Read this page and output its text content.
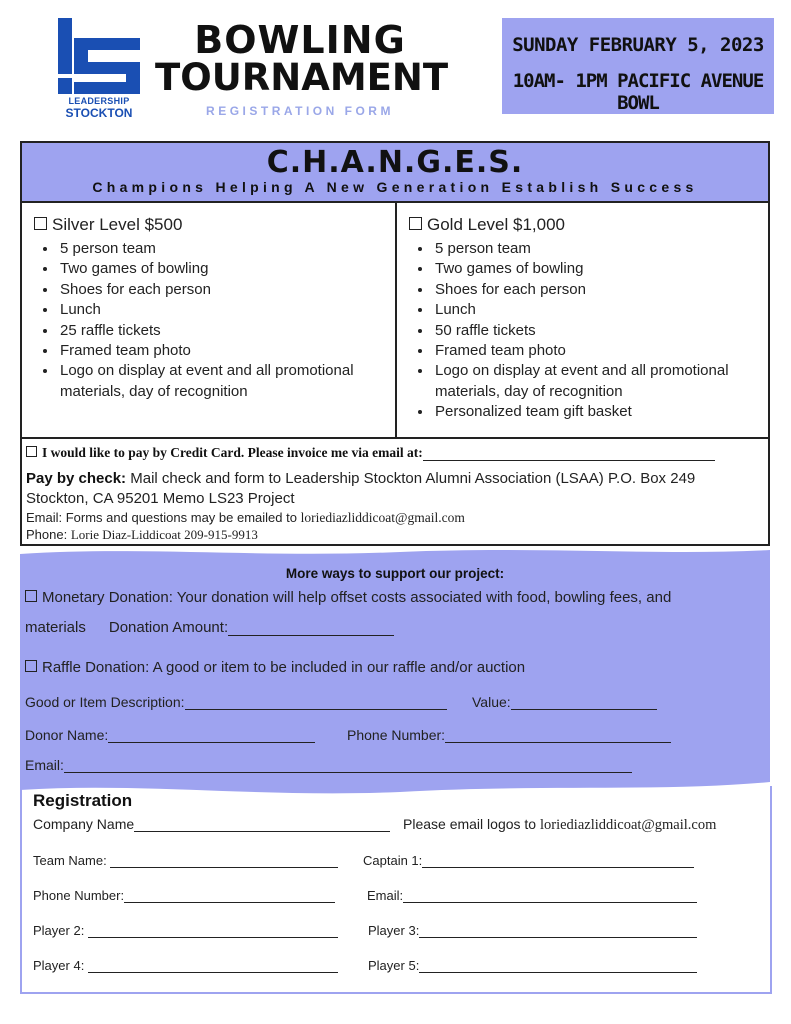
LEADERSHIP
STOCKTON
BOWLING
TOURNAMENT
REGISTRATION FORM
SUNDAY FEBRUARY 5, 2023
10AM- 1PM PACIFIC AVENUE BOWL
C.H.A.N.G.E.S.
Champions Helping A New Generation Establish Success
Silver Level $500
• 5 person team
• Two games of bowling
• Shoes for each person
• Lunch
• 25 raffle tickets
• Framed team photo
• Logo on display at event and all promotional materials, day of recognition
Gold Level $1,000
• 5 person team
• Two games of bowling
• Shoes for each person
• Lunch
• 50 raffle tickets
• Framed team photo
• Logo on display at event and all promotional materials, day of recognition
• Personalized team gift basket
I would like to pay by Credit Card. Please invoice me via email at:
Pay by check: Mail check and form to Leadership Stockton Alumni Association (LSAA) P.O. Box 249 Stockton, CA 95201 Memo LS23 Project
Email: Forms and questions may be emailed to loriediazliddicoat@gmail.com
Phone: Lorie Diaz-Liddicoat 209-915-9913
More ways to support our project:
Monetary Donation: Your donation will help offset costs associated with food, bowling fees, and
materials Donation Amount:
Raffle Donation: A good or item to be included in our raffle and/or auction
Good or Item Description:	Value:
Donor Name:	Phone Number:
Email:
Registration
Company Name	Please email logos to loriediazliddicoat@gmail.com
Team Name:	Captain 1:
Phone Number:	Email:
Player 2:	Player 3:
Player 4:	Player 5:
